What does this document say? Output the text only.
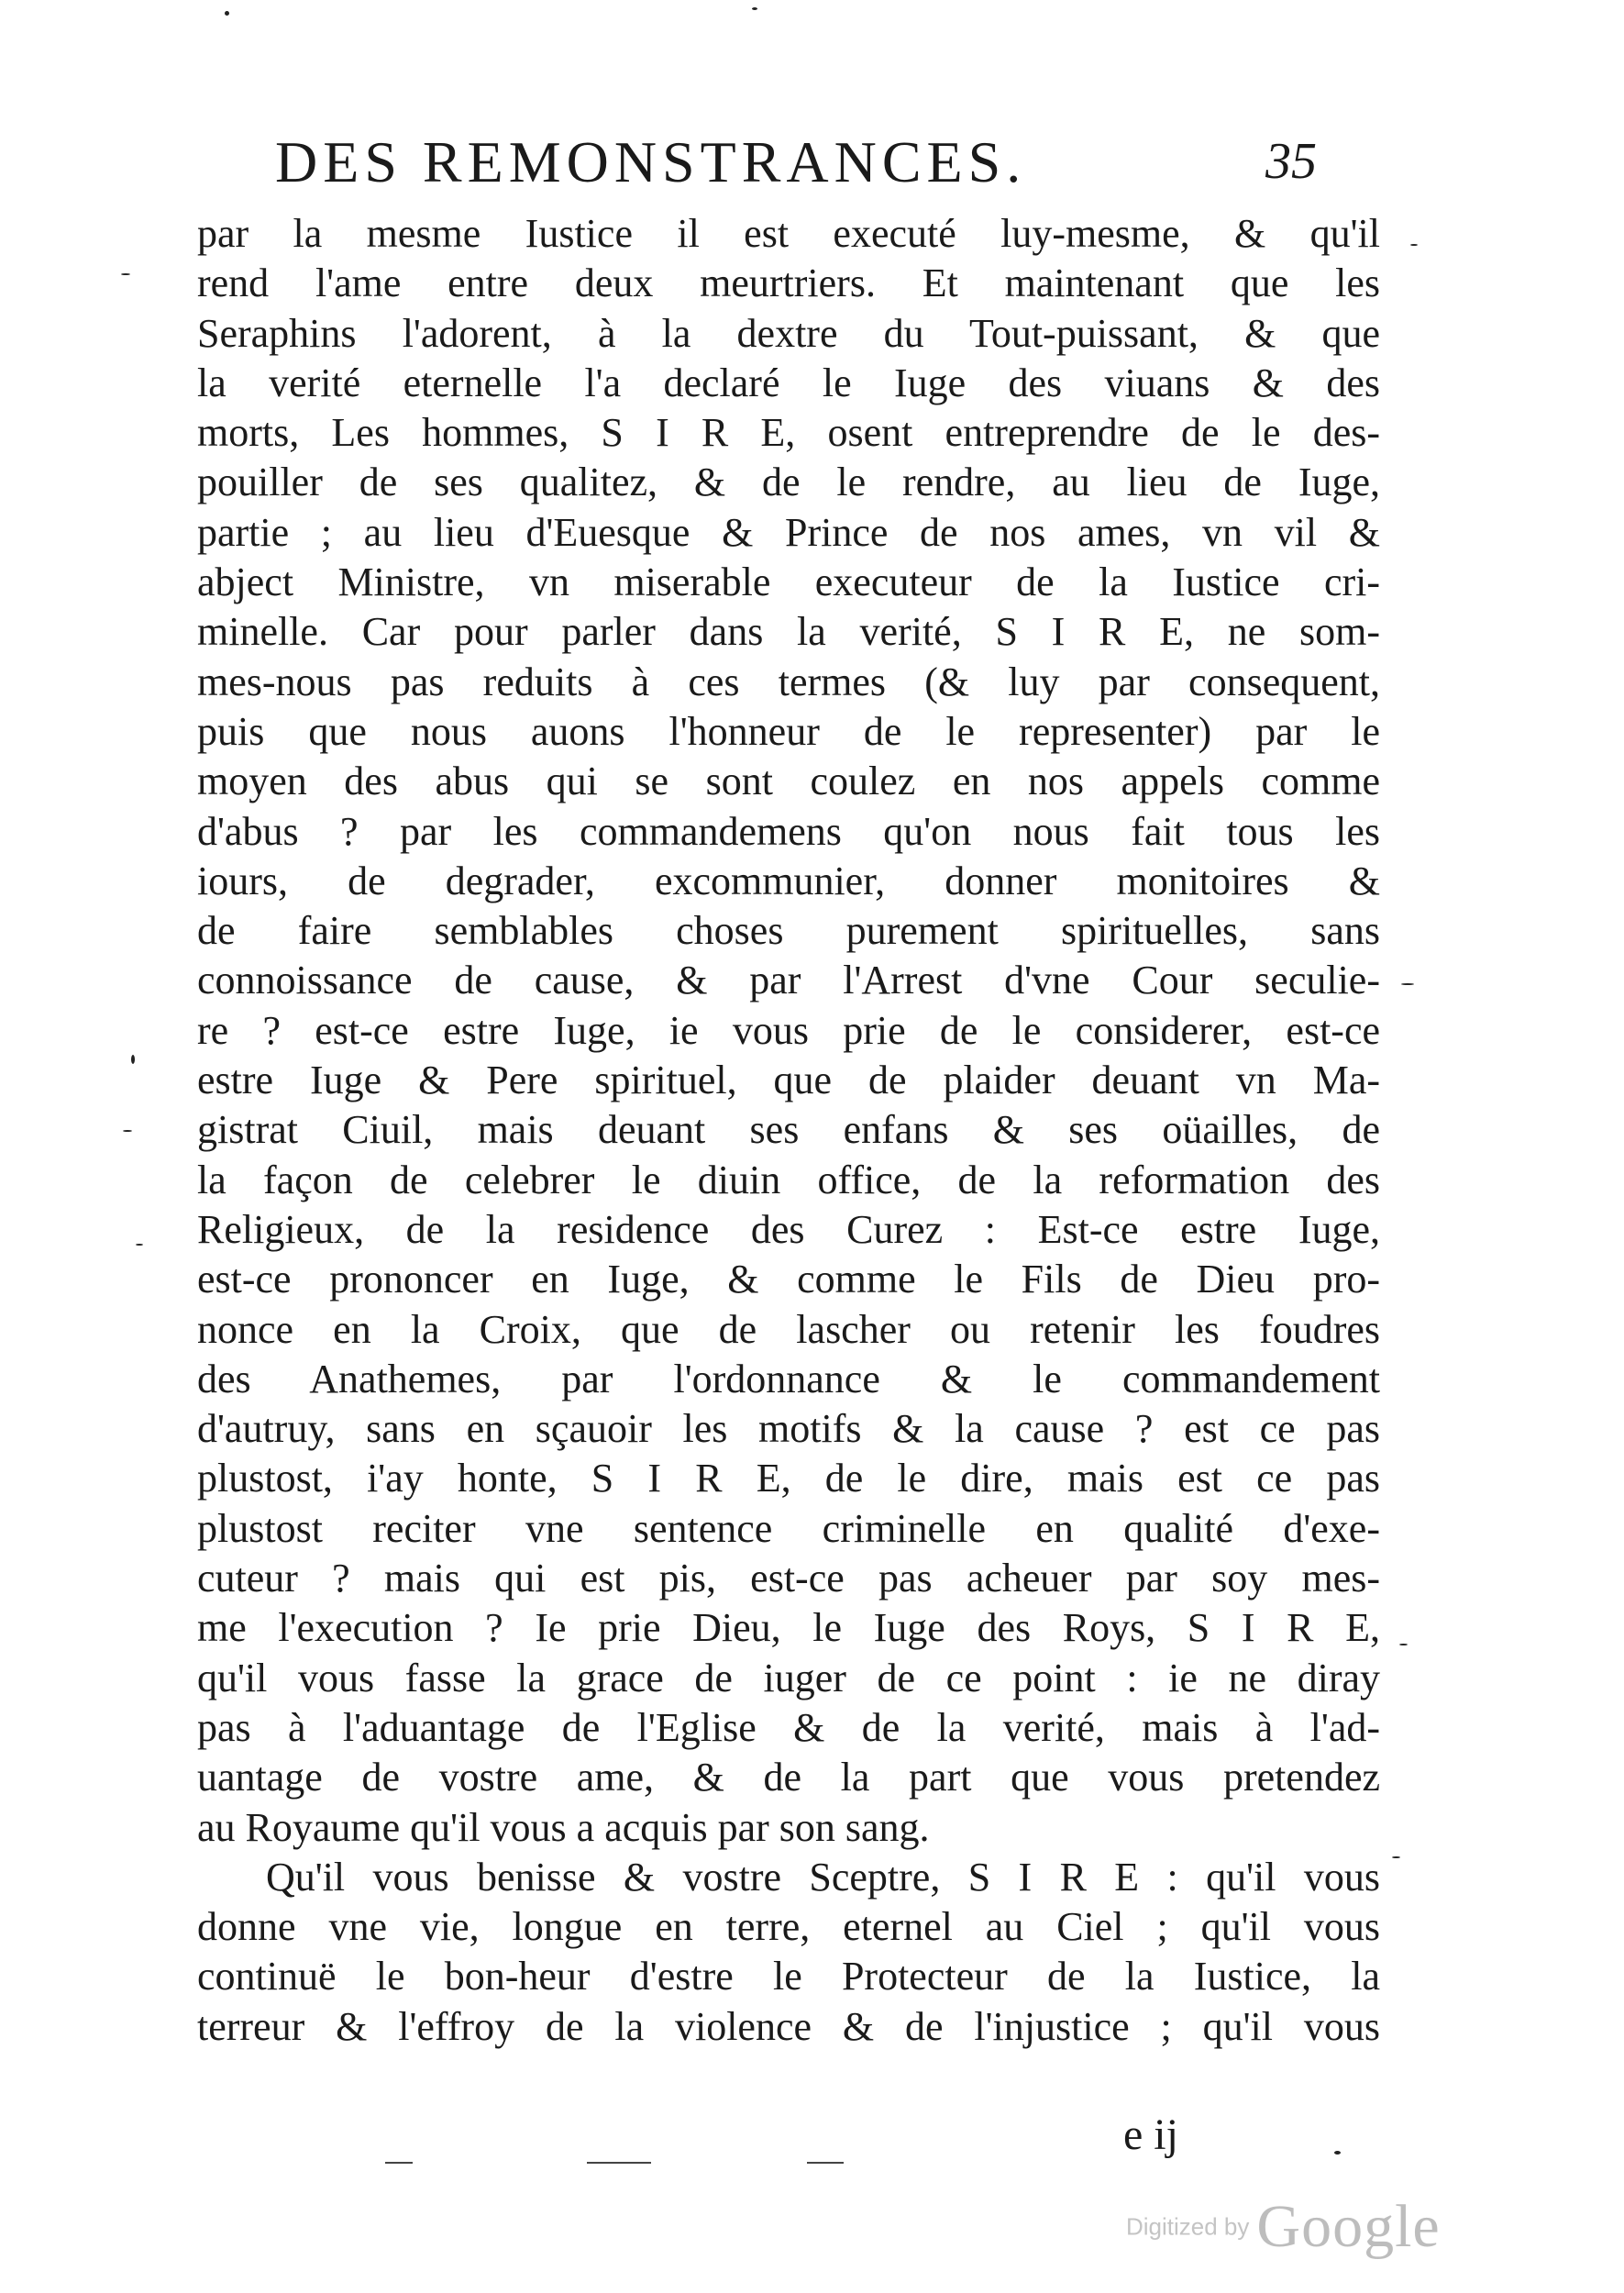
DES REMONSTRANCES.	35
par la mesme Iustice il est executé luy-mesme, & qu'il
rend l'ame entre deux meurtriers. Et maintenant que les
Seraphins l'adorent, à la dextre du Tout-puissant, & que
la verité eternelle l'a declaré le Iuge des viuans & des
morts, Les hommes, S I R E, osent entreprendre de le des-
pouiller de ses qualitez, & de le rendre, au lieu de Iuge,
partie ; au lieu d'Euesque & Prince de nos ames, vn vil &
abject Ministre, vn miserable executeur de la Iustice cri-
minelle. Car pour parler dans la verité, S I R E, ne som-
mes-nous pas reduits à ces termes (& luy par consequent,
puis que nous auons l'honneur de le representer) par le
moyen des abus qui se sont coulez en nos appels comme
d'abus ? par les commandemens qu'on nous fait tous les
iours, de degrader, excommunier, donner monitoires &
de faire semblables choses purement spirituelles, sans
connoissance de cause, & par l'Arrest d'vne Cour seculie-
re ? est-ce estre Iuge, ie vous prie de le considerer, est-ce
estre Iuge & Pere spirituel, que de plaider deuant vn Ma-
gistrat Ciuil, mais deuant ses enfans & ses oüailles, de
la façon de celebrer le diuin office, de la reformation des
Religieux, de la residence des Curez : Est-ce estre Iuge,
est-ce prononcer en Iuge, & comme le Fils de Dieu pro-
nonce en la Croix, que de lascher ou retenir les foudres
des Anathemes, par l'ordonnance & le commandement
d'autruy, sans en sçauoir les motifs & la cause ? est ce pas
plustost, i'ay honte, S I R E, de le dire, mais est ce pas
plustost reciter vne sentence criminelle en qualité d'exe-
cuteur ? mais qui est pis, est-ce pas acheuer par soy mes-
me l'execution ? Ie prie Dieu, le Iuge des Roys, S I R E,
qu'il vous fasse la grace de iuger de ce point : ie ne diray
pas à l'aduantage de l'Eglise & de la verité, mais à l'ad-
uantage de vostre ame, & de la part que vous pretendez
au Royaume qu'il vous a acquis par son sang.
Qu'il vous benisse & vostre Sceptre, S I R E : qu'il vous
donne vne vie, longue en terre, eternel au Ciel ; qu'il vous
continuë le bon-heur d'estre le Protecteur de la Iustice, la
terreur & l'effroy de la violence & de l'injustice ; qu'il vous
e ij
Digitized by Google
